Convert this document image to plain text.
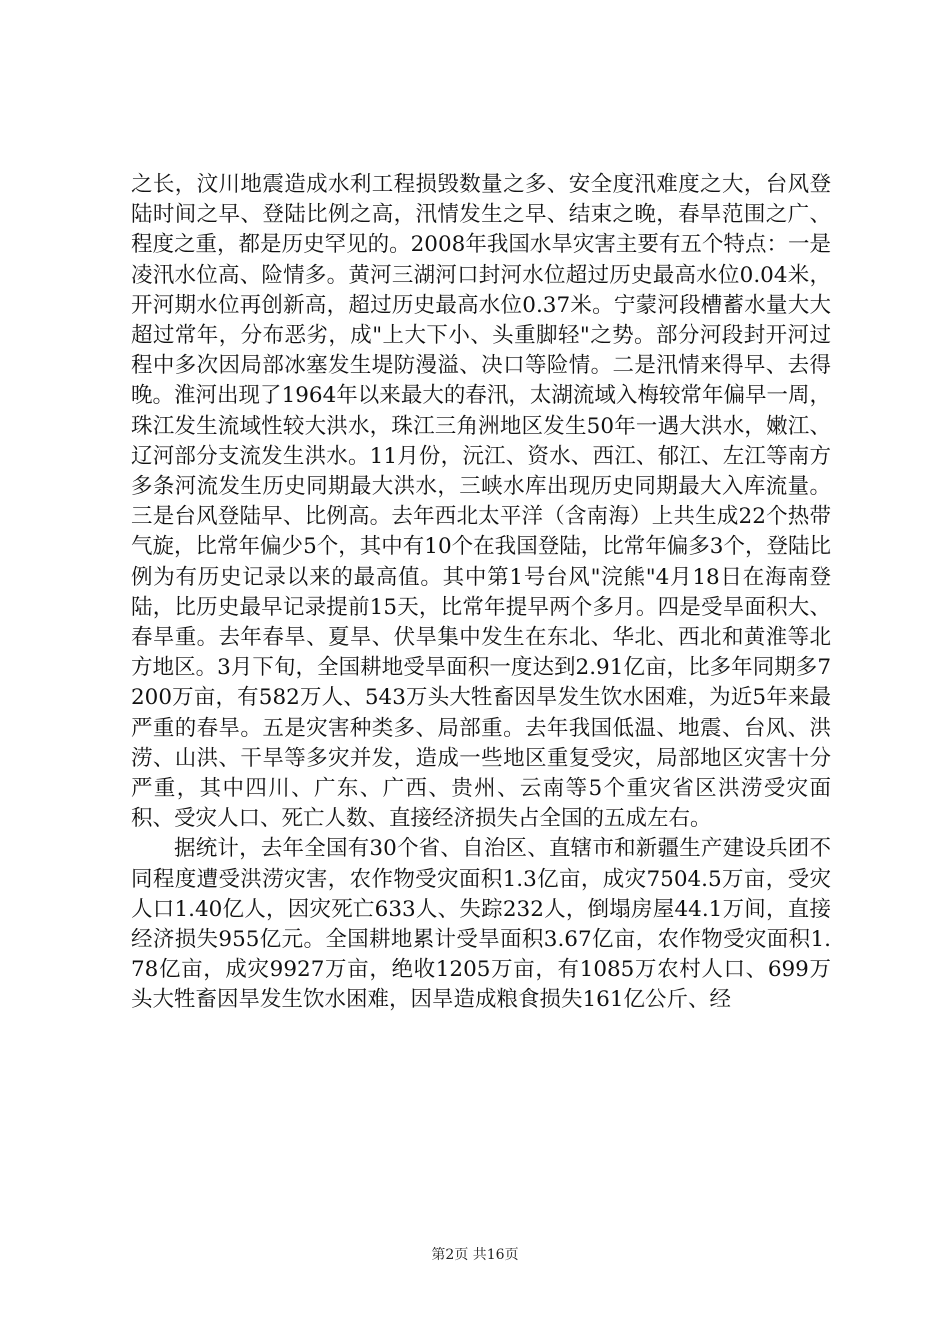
之长，汶川地震造成水利工程损毁数量之多、安全度汛难度之大，台风登陆时间之早、登陆比例之高，汛情发生之早、结束之晚，春旱范围之广、程度之重，都是历史罕见的。2008年我国水旱灾害主要有五个特点：一是凌汛水位高、险情多。黄河三湖河口封河水位超过历史最高水位0.04米，开河期水位再创新高，超过历史最高水位0.37米。宁蒙河段槽蓄水量大大超过常年，分布恶劣，成"上大下小、头重脚轻"之势。部分河段封开河过程中多次因局部冰塞发生堤防漫溢、决口等险情。二是汛情来得早、去得晚。淮河出现了1964年以来最大的春汛，太湖流域入梅较常年偏早一周，珠江发生流域性较大洪水，珠江三角洲地区发生50年一遇大洪水，嫩江、辽河部分支流发生洪水。11月份，沅江、资水、西江、郁江、左江等南方多条河流发生历史同期最大洪水，三峡水库出现历史同期最大入库流量。三是台风登陆早、比例高。去年西北太平洋（含南海）上共生成22个热带气旋，比常年偏少5个，其中有10个在我国登陆，比常年偏多3个，登陆比例为有历史记录以来的最高值。其中第1号台风"浣熊"4月18日在海南登陆，比历史最早记录提前15天，比常年提早两个多月。四是受旱面积大、春旱重。去年春旱、夏旱、伏旱集中发生在东北、华北、西北和黄淮等北方地区。3月下旬，全国耕地受旱面积一度达到2.91亿亩，比多年同期多7200万亩，有582万人、543万头大牲畜因旱发生饮水困难，为近5年来最严重的春旱。五是灾害种类多、局部重。去年我国低温、地震、台风、洪涝、山洪、干旱等多灾并发，造成一些地区重复受灾，局部地区灾害十分严重，其中四川、广东、广西、贵州、云南等5个重灾省区洪涝受灾面积、受灾人口、死亡人数、直接经济损失占全国的五成左右。

据统计，去年全国有30个省、自治区、直辖市和新疆生产建设兵团不同程度遭受洪涝灾害，农作物受灾面积1.3亿亩，成灾7504.5万亩，受灾人口1.40亿人，因灾死亡633人、失踪232人，倒塌房屋44.1万间，直接经济损失955亿元。全国耕地累计受旱面积3.67亿亩，农作物受灾面积1.78亿亩，成灾9927万亩，绝收1205万亩，有1085万农村人口、699万头大牲畜因旱发生饮水困难，因旱造成粮食损失161亿公斤、经

第2页 共16页
